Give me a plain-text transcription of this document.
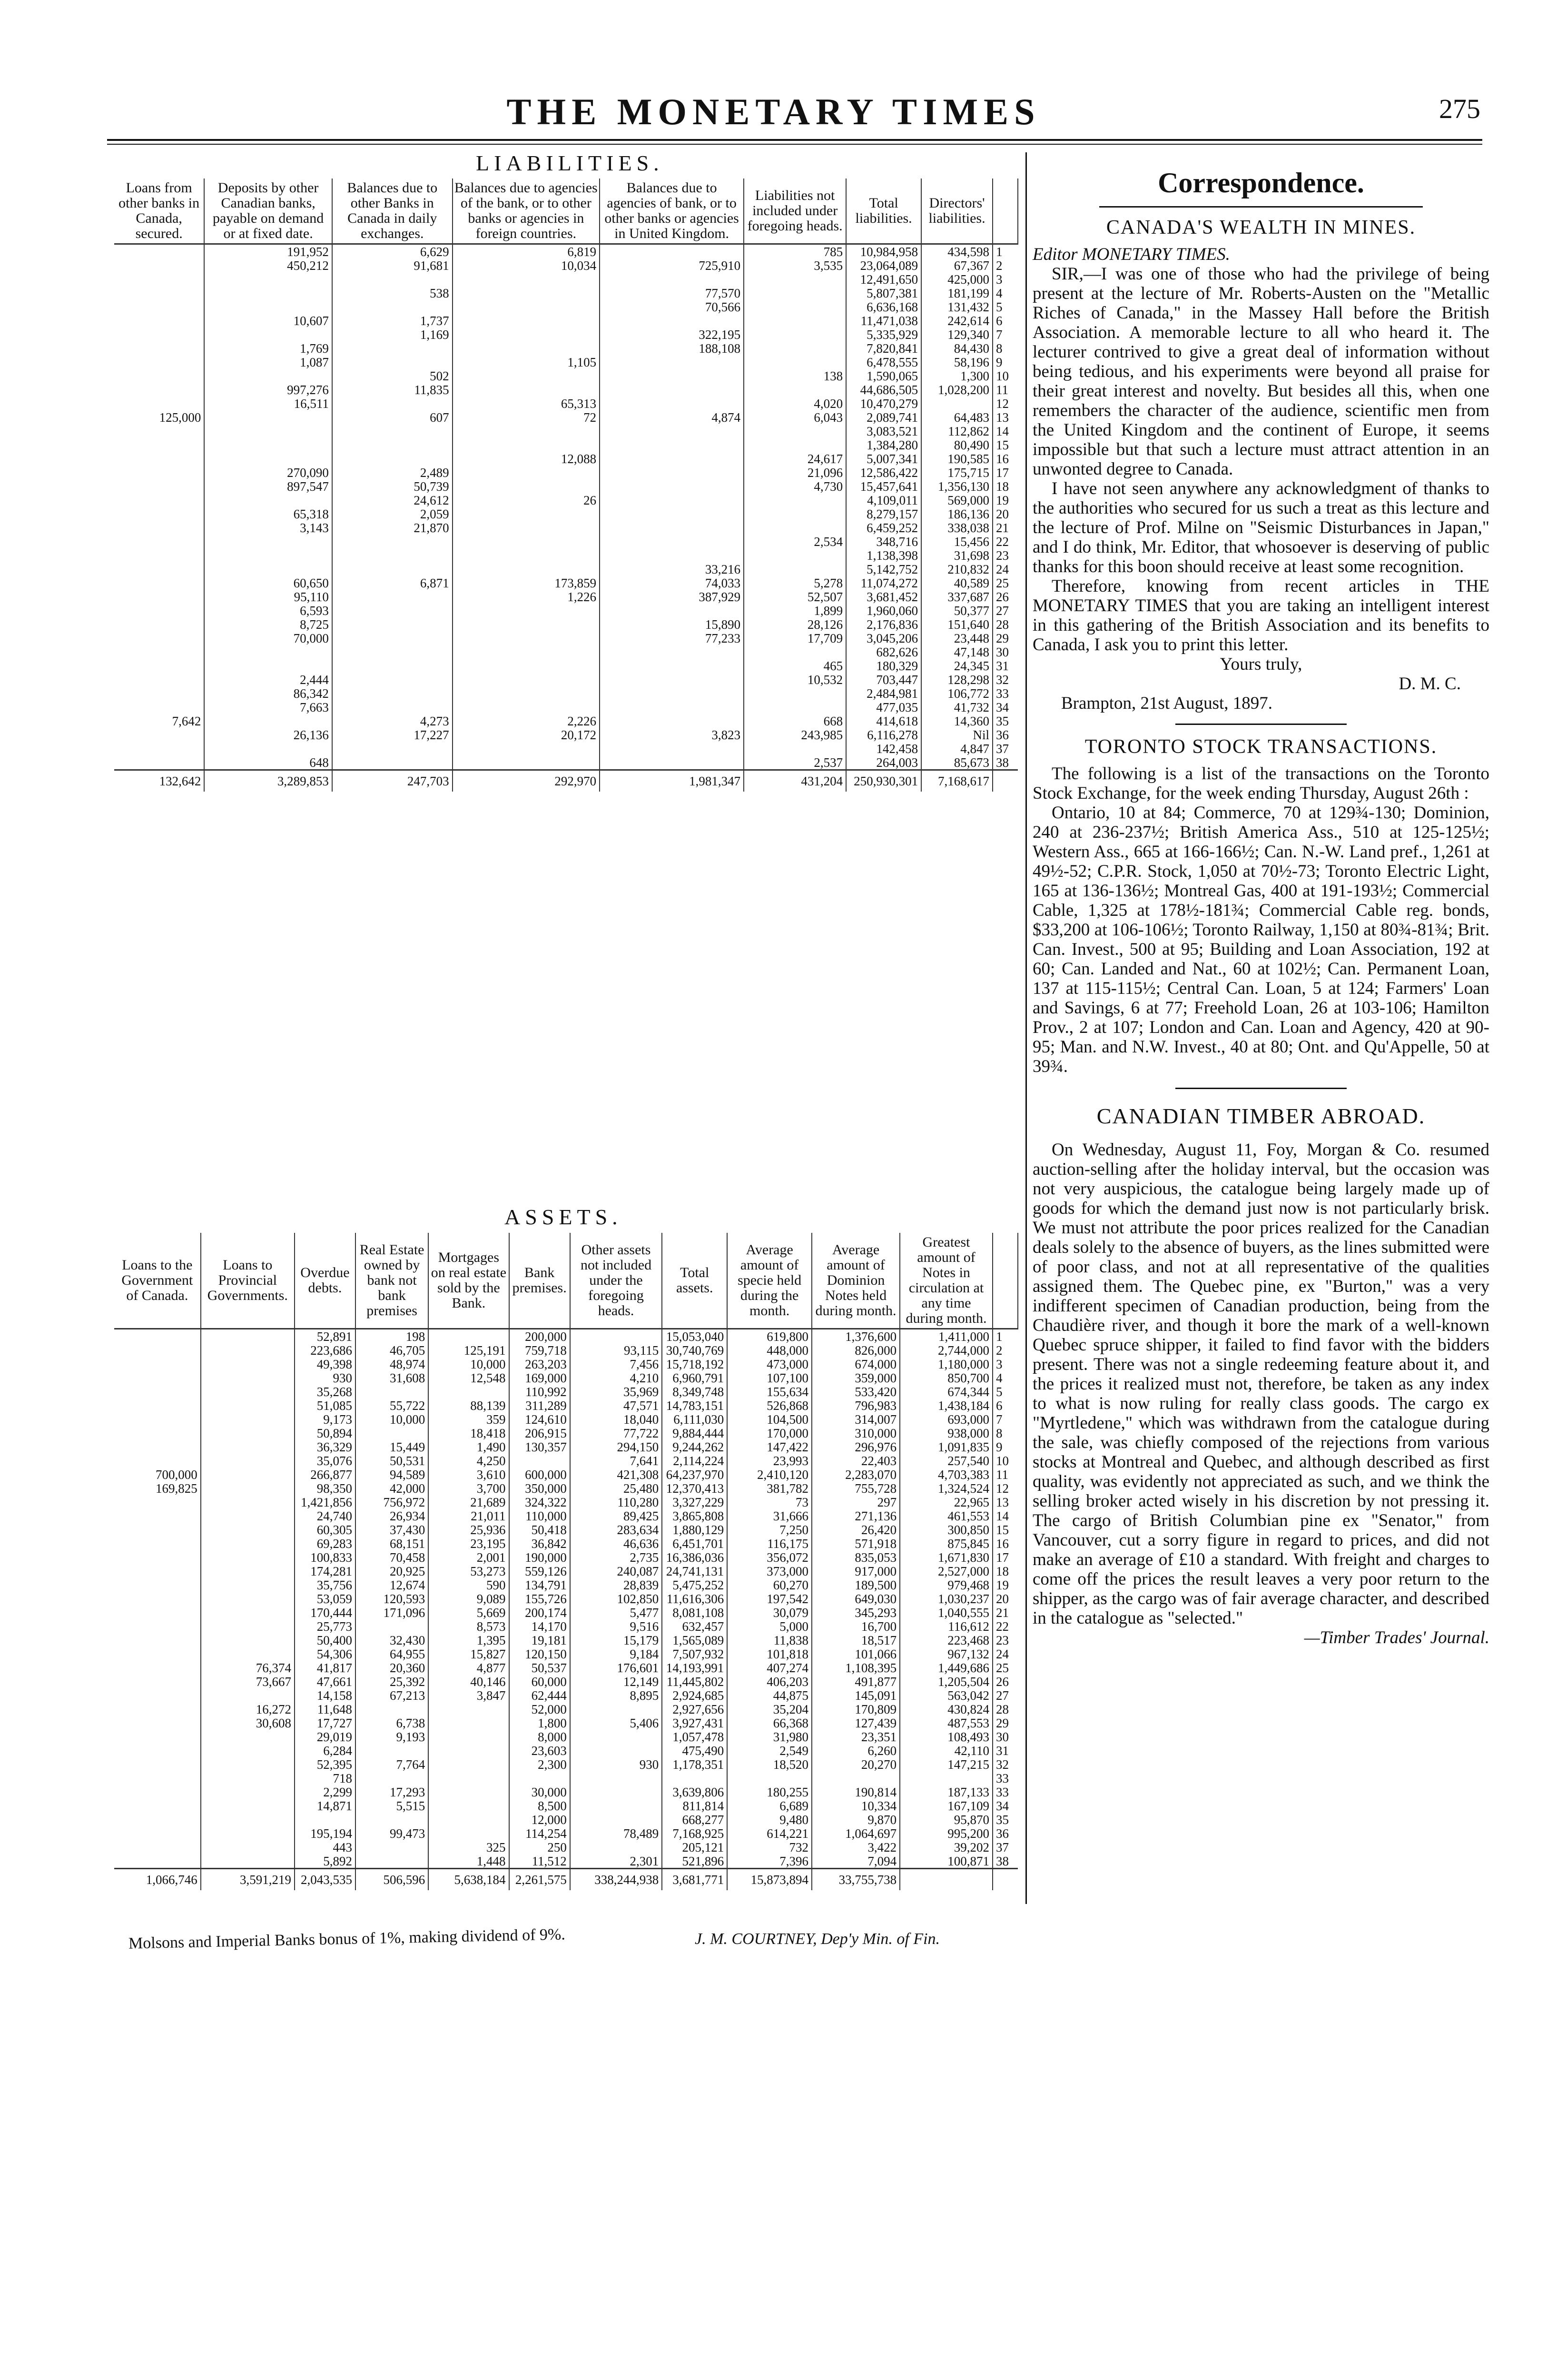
THE MONETARY TIMES	275
LIABILITIES.
Loans from other banks in Canada, secured.	Deposits by other Canadian banks, payable on demand or at fixed date.	Balances due to other Banks in Canada in daily exchanges.	Balances due to agencies of the bank, or to other banks or agencies in foreign countries.	Balances due to agencies of bank, or to other banks or agencies in United Kingdom.	Liabilities not included under foregoing heads.	Total liabilities.	Directors' liabilities.	
	191,952	6,629	6,819		785	10,984,958	434,598	1
	450,212	91,681	10,034	725,910	3,535	23,064,089	67,367	2
						12,491,650	425,000	3
		538		77,570		5,807,381	181,199	4
				70,566		6,636,168	131,432	5
	10,607	1,737				11,471,038	242,614	6
		1,169		322,195		5,335,929	129,340	7
	1,769			188,108		7,820,841	84,430	8
	1,087		1,105			6,478,555	58,196	9
		502			138	1,590,065	1,300	10
	997,276	11,835				44,686,505	1,028,200	11
	16,511		65,313		4,020	10,470,279		12
125,000		607	72	4,874	6,043	2,089,741	64,483	13
						3,083,521	112,862	14
						1,384,280	80,490	15
			12,088		24,617	5,007,341	190,585	16
	270,090	2,489			21,096	12,586,422	175,715	17
	897,547	50,739			4,730	15,457,641	1,356,130	18
		24,612	26			4,109,011	569,000	19
	65,318	2,059				8,279,157	186,136	20
	3,143	21,870				6,459,252	338,038	21
					2,534	348,716	15,456	22
						1,138,398	31,698	23
				33,216		5,142,752	210,832	24
	60,650	6,871	173,859	74,033	5,278	11,074,272	40,589	25
	95,110		1,226	387,929	52,507	3,681,452	337,687	26
	6,593				1,899	1,960,060	50,377	27
	8,725			15,890	28,126	2,176,836	151,640	28
	70,000			77,233	17,709	3,045,206	23,448	29
						682,626	47,148	30
					465	180,329	24,345	31
	2,444				10,532	703,447	128,298	32
	86,342					2,484,981	106,772	33
	7,663					477,035	41,732	34
7,642		4,273	2,226		668	414,618	14,360	35
	26,136	17,227	20,172	3,823	243,985	6,116,278	Nil	36
						142,458	4,847	37
	648				2,537	264,003	85,673	38
132,642	3,289,853	247,703	292,970	1,981,347	431,204	250,930,301	7,168,617	
ASSETS.
Loans to the Government of Canada.	Loans to Provincial Governments.	Overdue debts.	Real Estate owned by bank not bank premises	Mortgages on real estate sold by the Bank.	Bank premises.	Other assets not included under the foregoing heads.	Total assets.	Average amount of specie held during the month.	Average amount of Dominion Notes held during month.	Greatest amount of Notes in circulation at any time during month.	
		52,891	198		200,000		15,053,040	619,800	1,376,600	1,411,000	1
		223,686	46,705	125,191	759,718	93,115	30,740,769	448,000	826,000	2,744,000	2
		49,398	48,974	10,000	263,203	7,456	15,718,192	473,000	674,000	1,180,000	3
		930	31,608	12,548	169,000	4,210	6,960,791	107,100	359,000	850,700	4
		35,268			110,992	35,969	8,349,748	155,634	533,420	674,344	5
		51,085	55,722	88,139	311,289	47,571	14,783,151	526,868	796,983	1,438,184	6
		9,173	10,000	359	124,610	18,040	6,111,030	104,500	314,007	693,000	7
		50,894		18,418	206,915	77,722	9,884,444	170,000	310,000	938,000	8
		36,329	15,449	1,490	130,357	294,150	9,244,262	147,422	296,976	1,091,835	9
		35,076	50,531	4,250		7,641	2,114,224	23,993	22,403	257,540	10
700,000		266,877	94,589	3,610	600,000	421,308	64,237,970	2,410,120	2,283,070	4,703,383	11
169,825		98,350	42,000	3,700	350,000	25,480	12,370,413	381,782	755,728	1,324,524	12
		1,421,856	756,972	21,689	324,322	110,280	3,327,229	73	297	22,965	13
		24,740	26,934	21,011	110,000	89,425	3,865,808	31,666	271,136	461,553	14
		60,305	37,430	25,936	50,418	283,634	1,880,129	7,250	26,420	300,850	15
		69,283	68,151	23,195	36,842	46,636	6,451,701	116,175	571,918	875,845	16
		100,833	70,458	2,001	190,000	2,735	16,386,036	356,072	835,053	1,671,830	17
		174,281	20,925	53,273	559,126	240,087	24,741,131	373,000	917,000	2,527,000	18
		35,756	12,674	590	134,791	28,839	5,475,252	60,270	189,500	979,468	19
		53,059	120,593	9,089	155,726	102,850	11,616,306	197,542	649,030	1,030,237	20
		170,444	171,096	5,669	200,174	5,477	8,081,108	30,079	345,293	1,040,555	21
		25,773		8,573	14,170	9,516	632,457	5,000	16,700	116,612	22
		50,400	32,430	1,395	19,181	15,179	1,565,089	11,838	18,517	223,468	23
		54,306	64,955	15,827	120,150	9,184	7,507,932	101,818	101,066	967,132	24
	76,374	41,817	20,360	4,877	50,537	176,601	14,193,991	407,274	1,108,395	1,449,686	25
	73,667	47,661	25,392	40,146	60,000	12,149	11,445,802	406,203	491,877	1,205,504	26
		14,158	67,213	3,847	62,444	8,895	2,924,685	44,875	145,091	563,042	27
	16,272	11,648			52,000		2,927,656	35,204	170,809	430,824	28
	30,608	17,727	6,738		1,800	5,406	3,927,431	66,368	127,439	487,553	29
		29,019	9,193		8,000		1,057,478	31,980	23,351	108,493	30
		6,284			23,603		475,490	2,549	6,260	42,110	31
		52,395	7,764		2,300	930	1,178,351	18,520	20,270	147,215	32
		718									33
		2,299	17,293		30,000		3,639,806	180,255	190,814	187,133	33
		14,871	5,515		8,500		811,814	6,689	10,334	167,109	34
					12,000		668,277	9,480	9,870	95,870	35
		195,194	99,473		114,254	78,489	7,168,925	614,221	1,064,697	995,200	36
		443		325	250		205,121	732	3,422	39,202	37
		5,892		1,448	11,512	2,301	521,896	7,396	7,094	100,871	38
1,066,746	3,591,219	2,043,535	506,596	5,638,184	2,261,575	338,244,938	3,681,771	15,873,894	33,755,738		
Molsons and Imperial Banks bonus of 1%, making dividend of 9%.	J. M. COURTNEY, Dep'y Min. of Fin.
Correspondence.
CANADA'S WEALTH IN MINES.

Editor MONETARY TIMES.

SIR,—I was one of those who had the privilege of being present at the lecture of Mr. Roberts-Austen on the "Metallic Riches of Canada," in the Massey Hall before the British Association. A memorable lecture to all who heard it. The lecturer contrived to give a great deal of information without being tedious, and his experiments were beyond all praise for their great interest and novelty. But besides all this, when one remembers the character of the audience, scientific men from the United Kingdom and the continent of Europe, it seems impossible but that such a lecture must attract attention in an unwonted degree to Canada.

I have not seen anywhere any acknowledgment of thanks to the authorities who secured for us such a treat as this lecture and the lecture of Prof. Milne on "Seismic Disturbances in Japan," and I do think, Mr. Editor, that whosoever is deserving of public thanks for this boon should receive at least some recognition.

Therefore, knowing from recent articles in THE MONETARY TIMES that you are taking an intelligent interest in this gathering of the British Association and its benefits to Canada, I ask you to print this letter.

Yours truly,

D. M. C.

Brampton, 21st August, 1897.

TORONTO STOCK TRANSACTIONS.

The following is a list of the transactions on the Toronto Stock Exchange, for the week ending Thursday, August 26th :

Ontario, 10 at 84; Commerce, 70 at 129¾-130; Dominion, 240 at 236-237½; British America Ass., 510 at 125-125½; Western Ass., 665 at 166-166½; Can. N.-W. Land pref., 1,261 at 49½-52; C.P.R. Stock, 1,050 at 70½-73; Toronto Electric Light, 165 at 136-136½; Montreal Gas, 400 at 191-193½; Commercial Cable, 1,325 at 178½-181¾; Commercial Cable reg. bonds, $33,200 at 106-106½; Toronto Railway, 1,150 at 80¾-81¾; Brit. Can. Invest., 500 at 95; Building and Loan Association, 192 at 60; Can. Landed and Nat., 60 at 102½; Can. Permanent Loan, 137 at 115-115½; Central Can. Loan, 5 at 124; Farmers' Loan and Savings, 6 at 77; Freehold Loan, 26 at 103-106; Hamilton Prov., 2 at 107; London and Can. Loan and Agency, 420 at 90-95; Man. and N.W. Invest., 40 at 80; Ont. and Qu'Appelle, 50 at 39¾.

CANADIAN TIMBER ABROAD.

On Wednesday, August 11, Foy, Morgan & Co. resumed auction-selling after the holiday interval, but the occasion was not very auspicious, the catalogue being largely made up of goods for which the demand just now is not particularly brisk. We must not attribute the poor prices realized for the Canadian deals solely to the absence of buyers, as the lines submitted were of poor class, and not at all representative of the qualities assigned them. The Quebec pine, ex "Burton," was a very indifferent specimen of Canadian production, being from the Chaudière river, and though it bore the mark of a well-known Quebec spruce shipper, it failed to find favor with the bidders present. There was not a single redeeming feature about it, and the prices it realized must not, therefore, be taken as any index to what is now ruling for really class goods. The cargo ex "Myrtledene," which was withdrawn from the catalogue during the sale, was chiefly composed of the rejections from various stocks at Montreal and Quebec, and although described as first quality, was evidently not appreciated as such, and we think the selling broker acted wisely in his discretion by not pressing it. The cargo of British Columbian pine ex "Senator," from Vancouver, cut a sorry figure in regard to prices, and did not make an average of £10 a standard. With freight and charges to come off the prices the result leaves a very poor return to the shipper, as the cargo was of fair average character, and described in the catalogue as "selected."

—Timber Trades' Journal.
